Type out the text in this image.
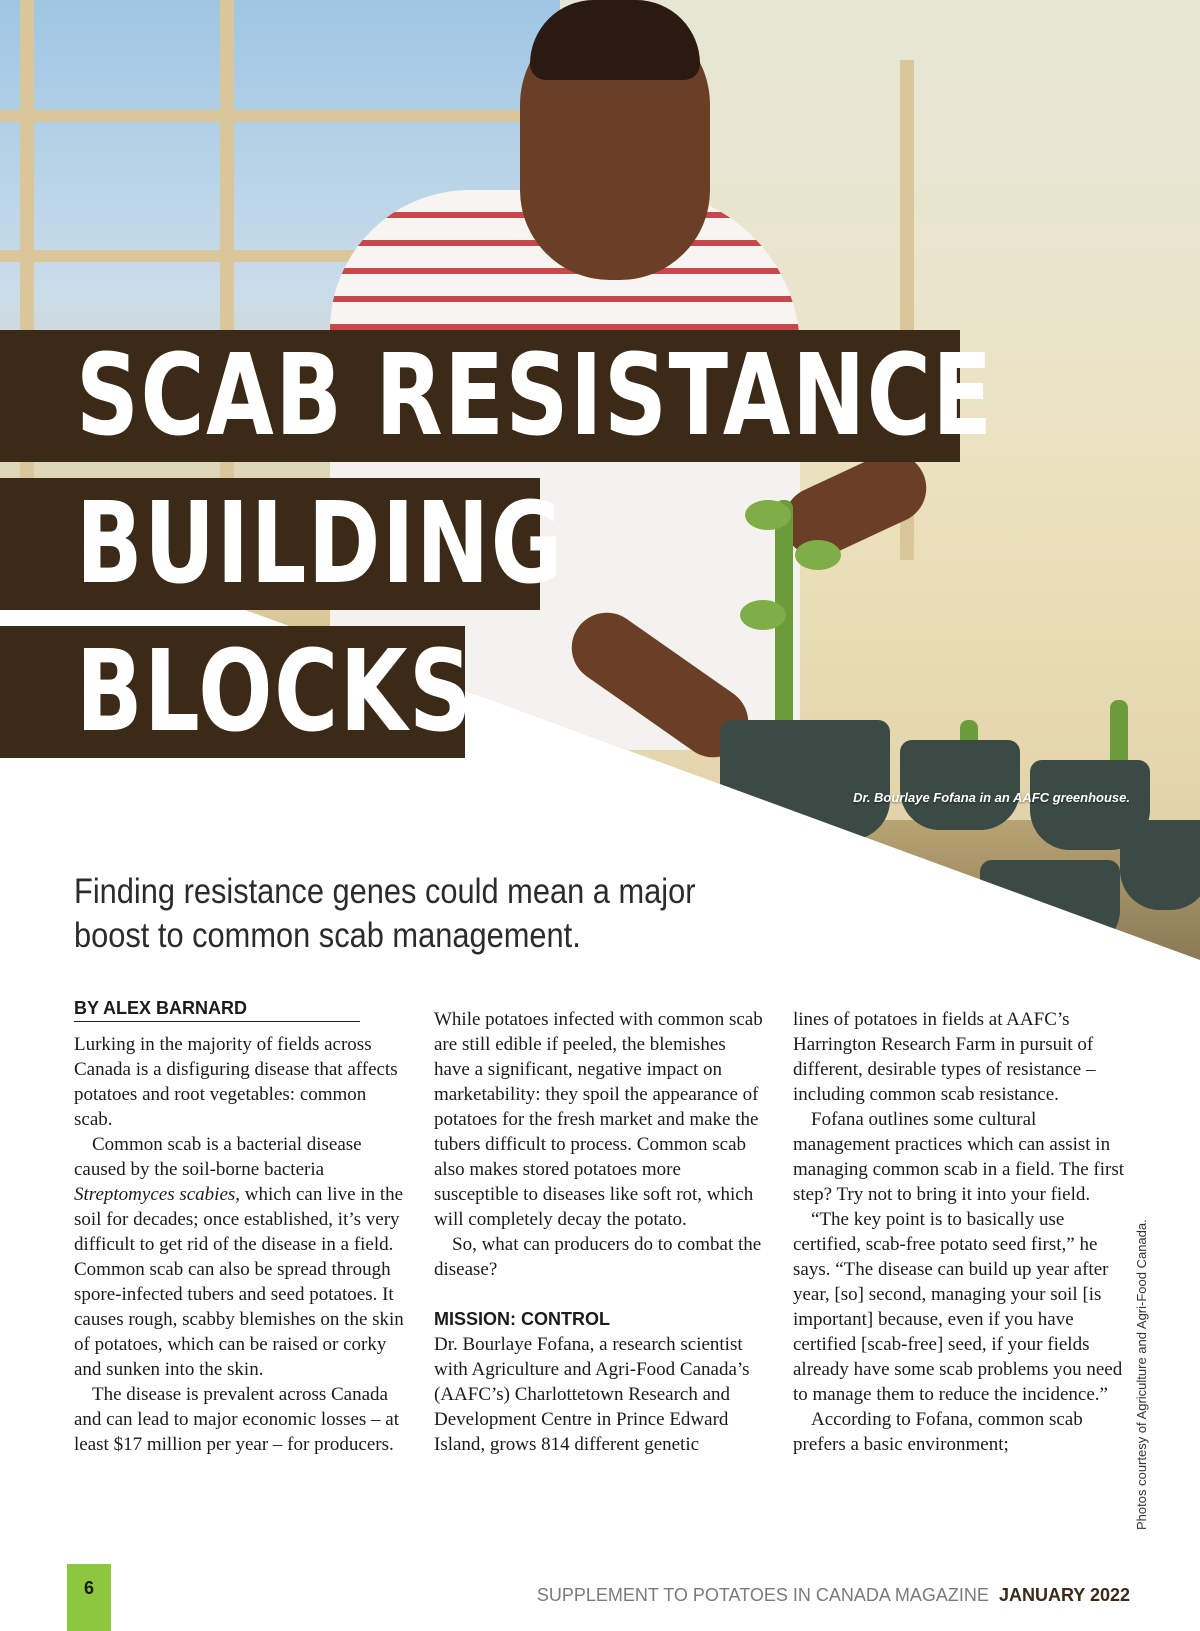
SCAB RESISTANCE
BUILDING
BLOCKS
Dr. Bourlaye Fofana in an AAFC greenhouse.
Finding resistance genes could mean a major boost to common scab management.
BY ALEX BARNARD

Lurking in the majority of fields across Canada is a disfiguring disease that affects potatoes and root vegetables: common scab.

Common scab is a bacterial disease caused by the soil-borne bacteria Streptomyces scabies, which can live in the soil for decades; once established, it’s very difficult to get rid of the disease in a field. Common scab can also be spread through spore-infected tubers and seed potatoes. It causes rough, scabby blemishes on the skin of potatoes, which can be raised or corky and sunken into the skin.

The disease is prevalent across Canada and can lead to major economic losses – at least $17 million per year – for producers.

While potatoes infected with common scab are still edible if peeled, the blemishes have a significant, negative impact on marketability: they spoil the appearance of potatoes for the fresh market and make the tubers difficult to process. Common scab also makes stored potatoes more susceptible to diseases like soft rot, which will completely decay the potato.

So, what can producers do to combat the disease?

MISSION: CONTROL

Dr. Bourlaye Fofana, a research scientist with Agriculture and Agri-Food Canada’s (AAFC’s) Charlottetown Research and Development Centre in Prince Edward Island, grows 814 different genetic

lines of potatoes in fields at AAFC’s Harrington Research Farm in pursuit of different, desirable types of resistance – including common scab resistance.

Fofana outlines some cultural management practices which can assist in managing common scab in a field. The first step? Try not to bring it into your field.

“The key point is to basically use certified, scab-free potato seed first,” he says. “The disease can build up year after year, [so] second, managing your soil [is important] because, even if you have certified [scab-free] seed, if your fields already have some scab problems you need to manage them to reduce the incidence.”

According to Fofana, common scab prefers a basic environment;	Photos courtesy of Agriculture and Agri-Food Canada.
6	SUPPLEMENT TO POTATOES IN CANADA MAGAZINE JANUARY 2022
